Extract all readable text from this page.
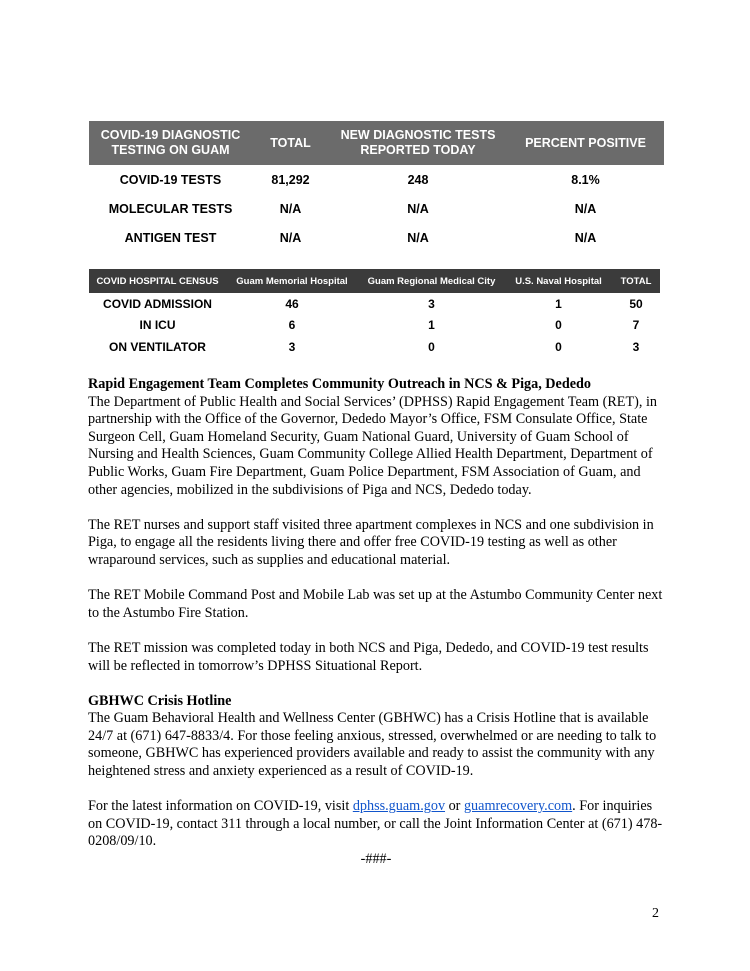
COVID-19 DIAGNOSTIC TESTING ON GUAM	TOTAL	NEW DIAGNOSTIC TESTS REPORTED TODAY	PERCENT POSITIVE
COVID-19 TESTS	81,292	248	8.1%
MOLECULAR TESTS	N/A	N/A	N/A
ANTIGEN TEST	N/A	N/A	N/A
COVID HOSPITAL CENSUS	Guam Memorial Hospital	Guam Regional Medical City	U.S. Naval Hospital	TOTAL
COVID ADMISSION	46	3	1	50
IN ICU	6	1	0	7
ON VENTILATOR	3	0	0	3
Rapid Engagement Team Completes Community Outreach in NCS & Piga, Dededo

The Department of Public Health and Social Services’ (DPHSS) Rapid Engagement Team (RET), in partnership with the Office of the Governor, Dededo Mayor’s Office, FSM Consulate Office, State Surgeon Cell, Guam Homeland Security, Guam National Guard, University of Guam School of Nursing and Health Sciences, Guam Community College Allied Health Department, Department of Public Works, Guam Fire Department, Guam Police Department, FSM Association of Guam, and other agencies, mobilized in the subdivisions of Piga and NCS, Dededo today.

The RET nurses and support staff visited three apartment complexes in NCS and one subdivision in Piga, to engage all the residents living there and offer free COVID-19 testing as well as other wraparound services, such as supplies and educational material.

The RET Mobile Command Post and Mobile Lab was set up at the Astumbo Community Center next to the Astumbo Fire Station.

The RET mission was completed today in both NCS and Piga, Dededo, and COVID-19 test results will be reflected in tomorrow’s DPHSS Situational Report.

GBHWC Crisis Hotline

The Guam Behavioral Health and Wellness Center (GBHWC) has a Crisis Hotline that is available 24/7 at (671) 647-8833/4. For those feeling anxious, stressed, overwhelmed or are needing to talk to someone, GBHWC has experienced providers available and ready to assist the community with any heightened stress and anxiety experienced as a result of COVID-19.

For the latest information on COVID-19, visit dphss.guam.gov or guamrecovery.com. For inquiries on COVID-19, contact 311 through a local number, or call the Joint Information Center at (671) 478-0208/09/10.

-###-

2
